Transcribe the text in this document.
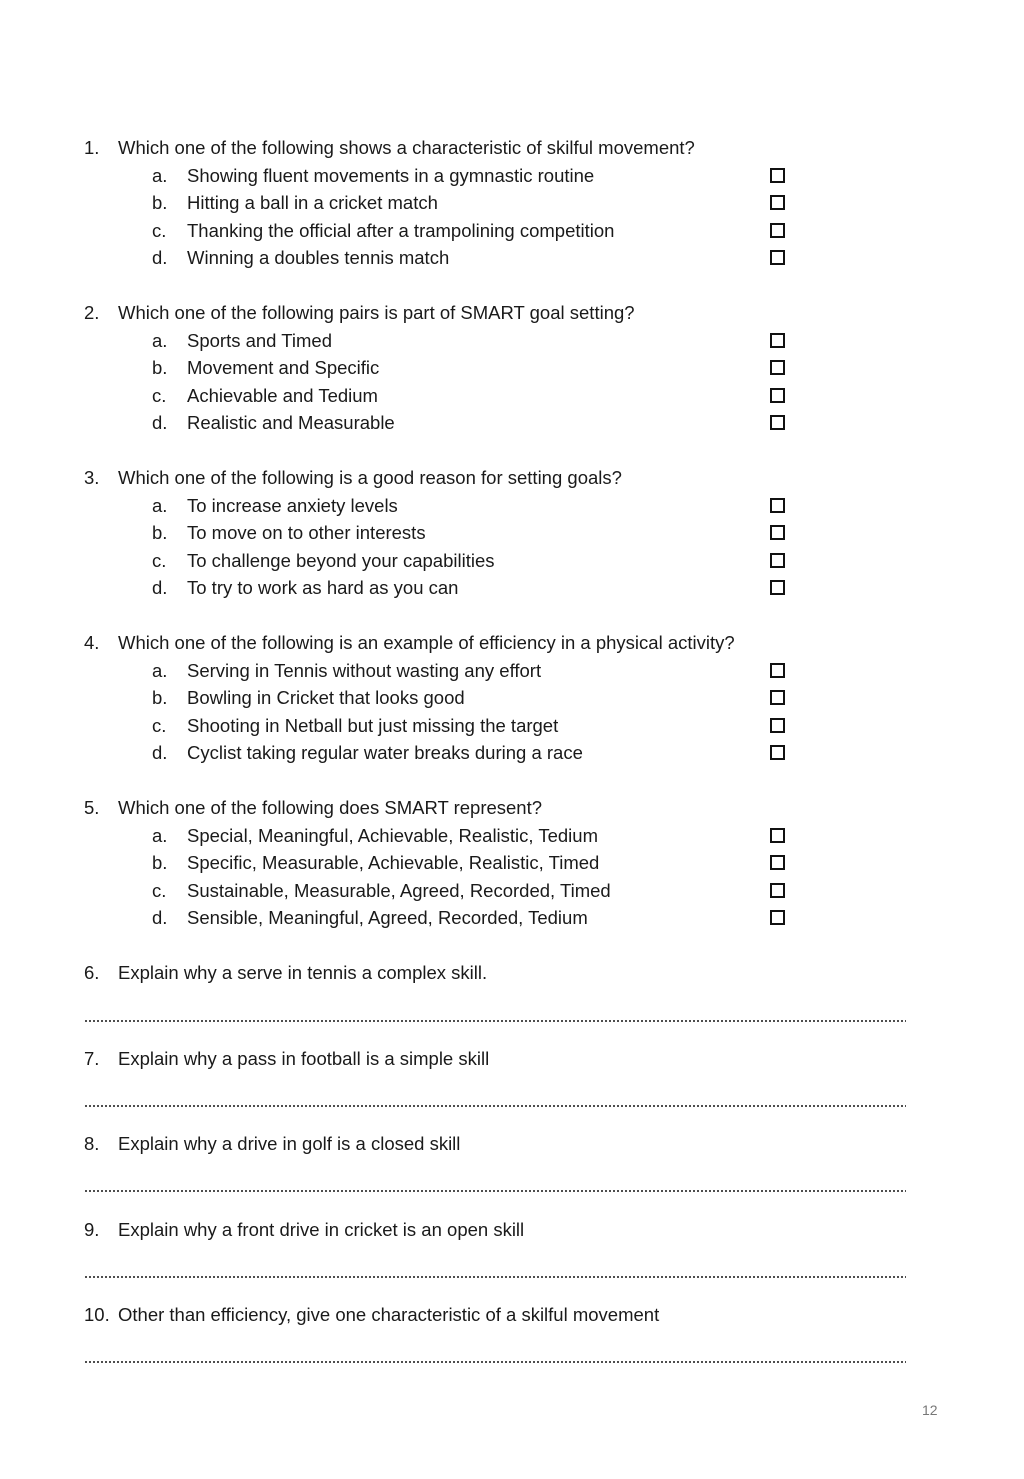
1. Which one of the following shows a characteristic of skilful movement?
a. Showing fluent movements in a gymnastic routine
b. Hitting a ball in a cricket match
c. Thanking the official after a trampolining competition
d. Winning a doubles tennis match
2. Which one of the following pairs is part of SMART goal setting?
a. Sports and Timed
b. Movement and Specific
c. Achievable and Tedium
d. Realistic and Measurable
3. Which one of the following is a good reason for setting goals?
a. To increase anxiety levels
b. To move on to other interests
c. To challenge beyond your capabilities
d. To try to work as hard as you can
4. Which one of the following is an example of efficiency in a physical activity?
a. Serving in Tennis without wasting any effort
b. Bowling in Cricket that looks good
c. Shooting in Netball but just missing the target
d. Cyclist taking regular water breaks during a race
5. Which one of the following does SMART represent?
a. Special, Meaningful, Achievable, Realistic, Tedium
b. Specific, Measurable, Achievable, Realistic, Timed
c. Sustainable, Measurable, Agreed, Recorded, Timed
d. Sensible, Meaningful, Agreed, Recorded, Tedium
6. Explain why a serve in tennis a complex skill.
7. Explain why a pass in football is a simple skill
8. Explain why a drive in golf is a closed skill
9. Explain why a front drive in cricket is an open skill
10. Other than efficiency, give one characteristic of a skilful movement
12
